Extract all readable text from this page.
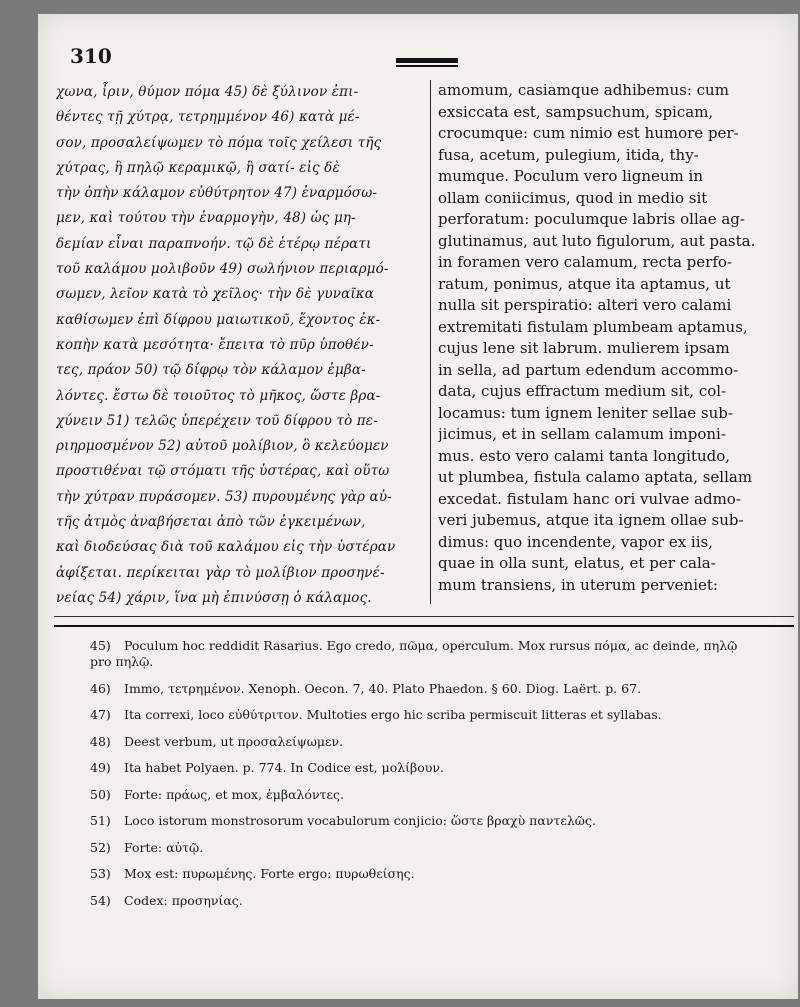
310
χωνα, ἶριν, θύμον πόμα 45) δὲ ξύλινον ἐπι-
θέντες τῇ χύτρᾳ, τετρημμένον 46) κατὰ μέ-
σον, προσαλείψωμεν τὸ πόμα τοῖς χείλεσι τῆς
χύτρας, ἢ πηλῷ κεραμικῷ, ἢ σατί- εἰς δὲ
τὴν ὀπὴν κάλαμον εὐθύτρητον 47) ἐναρμόσω-
μεν, καὶ τούτου τὴν ἐναρμογὴν, 48) ὡς μη-
δεμίαν εἶναι παραπνοήν. τῷ δὲ ἑτέρῳ πέρατι
τοῦ καλάμου μολιβοῦν 49) σωλήνιον περιαρμό-
σωμεν, λεῖον κατὰ τὸ χεῖλος· τὴν δὲ γυναῖκα
καθίσωμεν ἐπὶ δίφρου μαιωτικοῦ, ἔχοντος ἐκ-
κοπὴν κατὰ μεσότητα· ἔπειτα τὸ πῦρ ὑποθέν-
τες, πράον 50) τῷ δίφρῳ τὸν κάλαμον ἐμβα-
λόντες. ἔστω δὲ τοιοῦτος τὸ μῆκος, ὥστε βρα-
χύνειν 51) τελῶς ὑπερέχειν τοῦ δίφρου τὸ πε-
ριηρμοσμένον 52) αὐτοῦ μολίβιον, ὃ κελεύομεν
προστιθέναι τῷ στόματι τῆς ὑστέρας, καὶ οὕτω
τὴν χύτραν πυράσομεν. 53) πυρουμένης γὰρ αὐ-
τῆς ἀτμὸς ἀναβήσεται ἀπὸ τῶν ἐγκειμένων,
καὶ διοδεύσας διὰ τοῦ καλάμου εἰς τὴν ὑστέραν
ἀφίξεται. περίκειται γὰρ τὸ μολίβιον προσηνέ-
νείας 54) χάριν, ἵνα μὴ ἐπινύσσῃ ὁ κάλαμος.
amomum, casiamque adhibemus: cum
exsiccata est, sampsuchum, spicam,
crocumque: cum nimio est humore per-
fusa, acetum, pulegium, itida, thy-
mumque. Poculum vero ligneum in
ollam coniicimus, quod in medio sit
perforatum: poculumque labris ollae ag-
glutinamus, aut luto figulorum, aut pasta.
in foramen vero calamum, recta perfo-
ratum, ponimus, atque ita aptamus, ut
nulla sit perspiratio: alteri vero calami
extremitati fistulam plumbeam aptamus,
cujus lene sit labrum. mulierem ipsam
in sella, ad partum edendum accommo-
data, cujus effractum medium sit, col-
locamus: tum ignem leniter sellae sub-
jicimus, et in sellam calamum imponi-
mus. esto vero calami tanta longitudo,
ut plumbea, fistula calamo aptata, sellam
excedat. fistulam hanc ori vulvae admo-
veri jubemus, atque ita ignem ollae sub-
dimus: quo incendente, vapor ex iis,
quae in olla sunt, elatus, et per cala-
mum transiens, in uterum perveniet:
45) Poculum hoc reddidit Rasarius. Ego credo, πῶμα, operculum. Mox rursus πόμα, ac deinde, πηλῷ
pro πηλῷ.
46) Immo, τετρημένον. Xenoph. Oecon. 7, 40. Plato Phaedon. § 60. Diog. Laërt. p. 67.
47) Ita correxi, loco εὐθύτριτον. Multoties ergo hic scriba permiscuit litteras et syllabas.
48) Deest verbum, ut προσαλείψωμεν.
49) Ita habet Polyaen. p. 774. In Codice est, μολίβουν.
50) Forte: πράως, et mox, ἐμβαλόντες.
51) Loco istorum monstrosorum vocabulorum conjicio: ὥστε βραχὺ παντελῶς.
52) Forte: αὐτῷ.
53) Mox est: πυρωμένης. Forte ergo: πυρωθείσης.
54) Codex: προσηνίας.
